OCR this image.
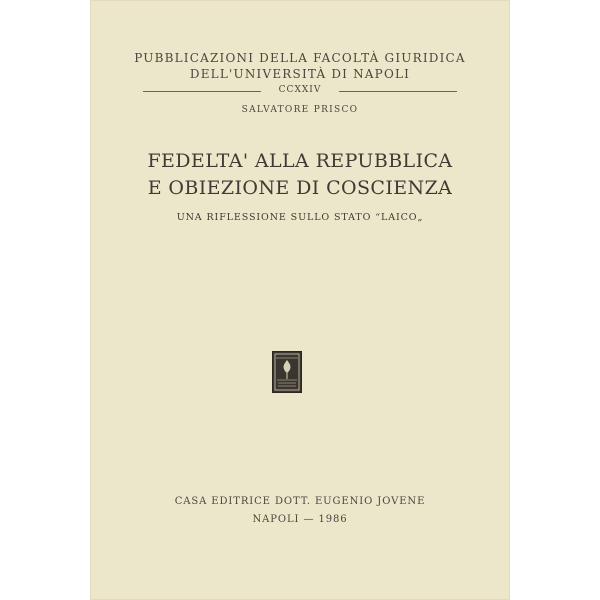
PUBBLICAZIONI DELLA FACOLTÀ GIURIDICA

DELL'UNIVERSITÀ DI NAPOLI

CCXXIV

SALVATORE PRISCO

FEDELTA' ALLA REPUBBLICA

E OBIEZIONE DI COSCIENZA

UNA RIFLESSIONE SULLO STATO “LAICO„

CASA EDITRICE DOTT. EUGENIO JOVENE

NAPOLI — 1986
